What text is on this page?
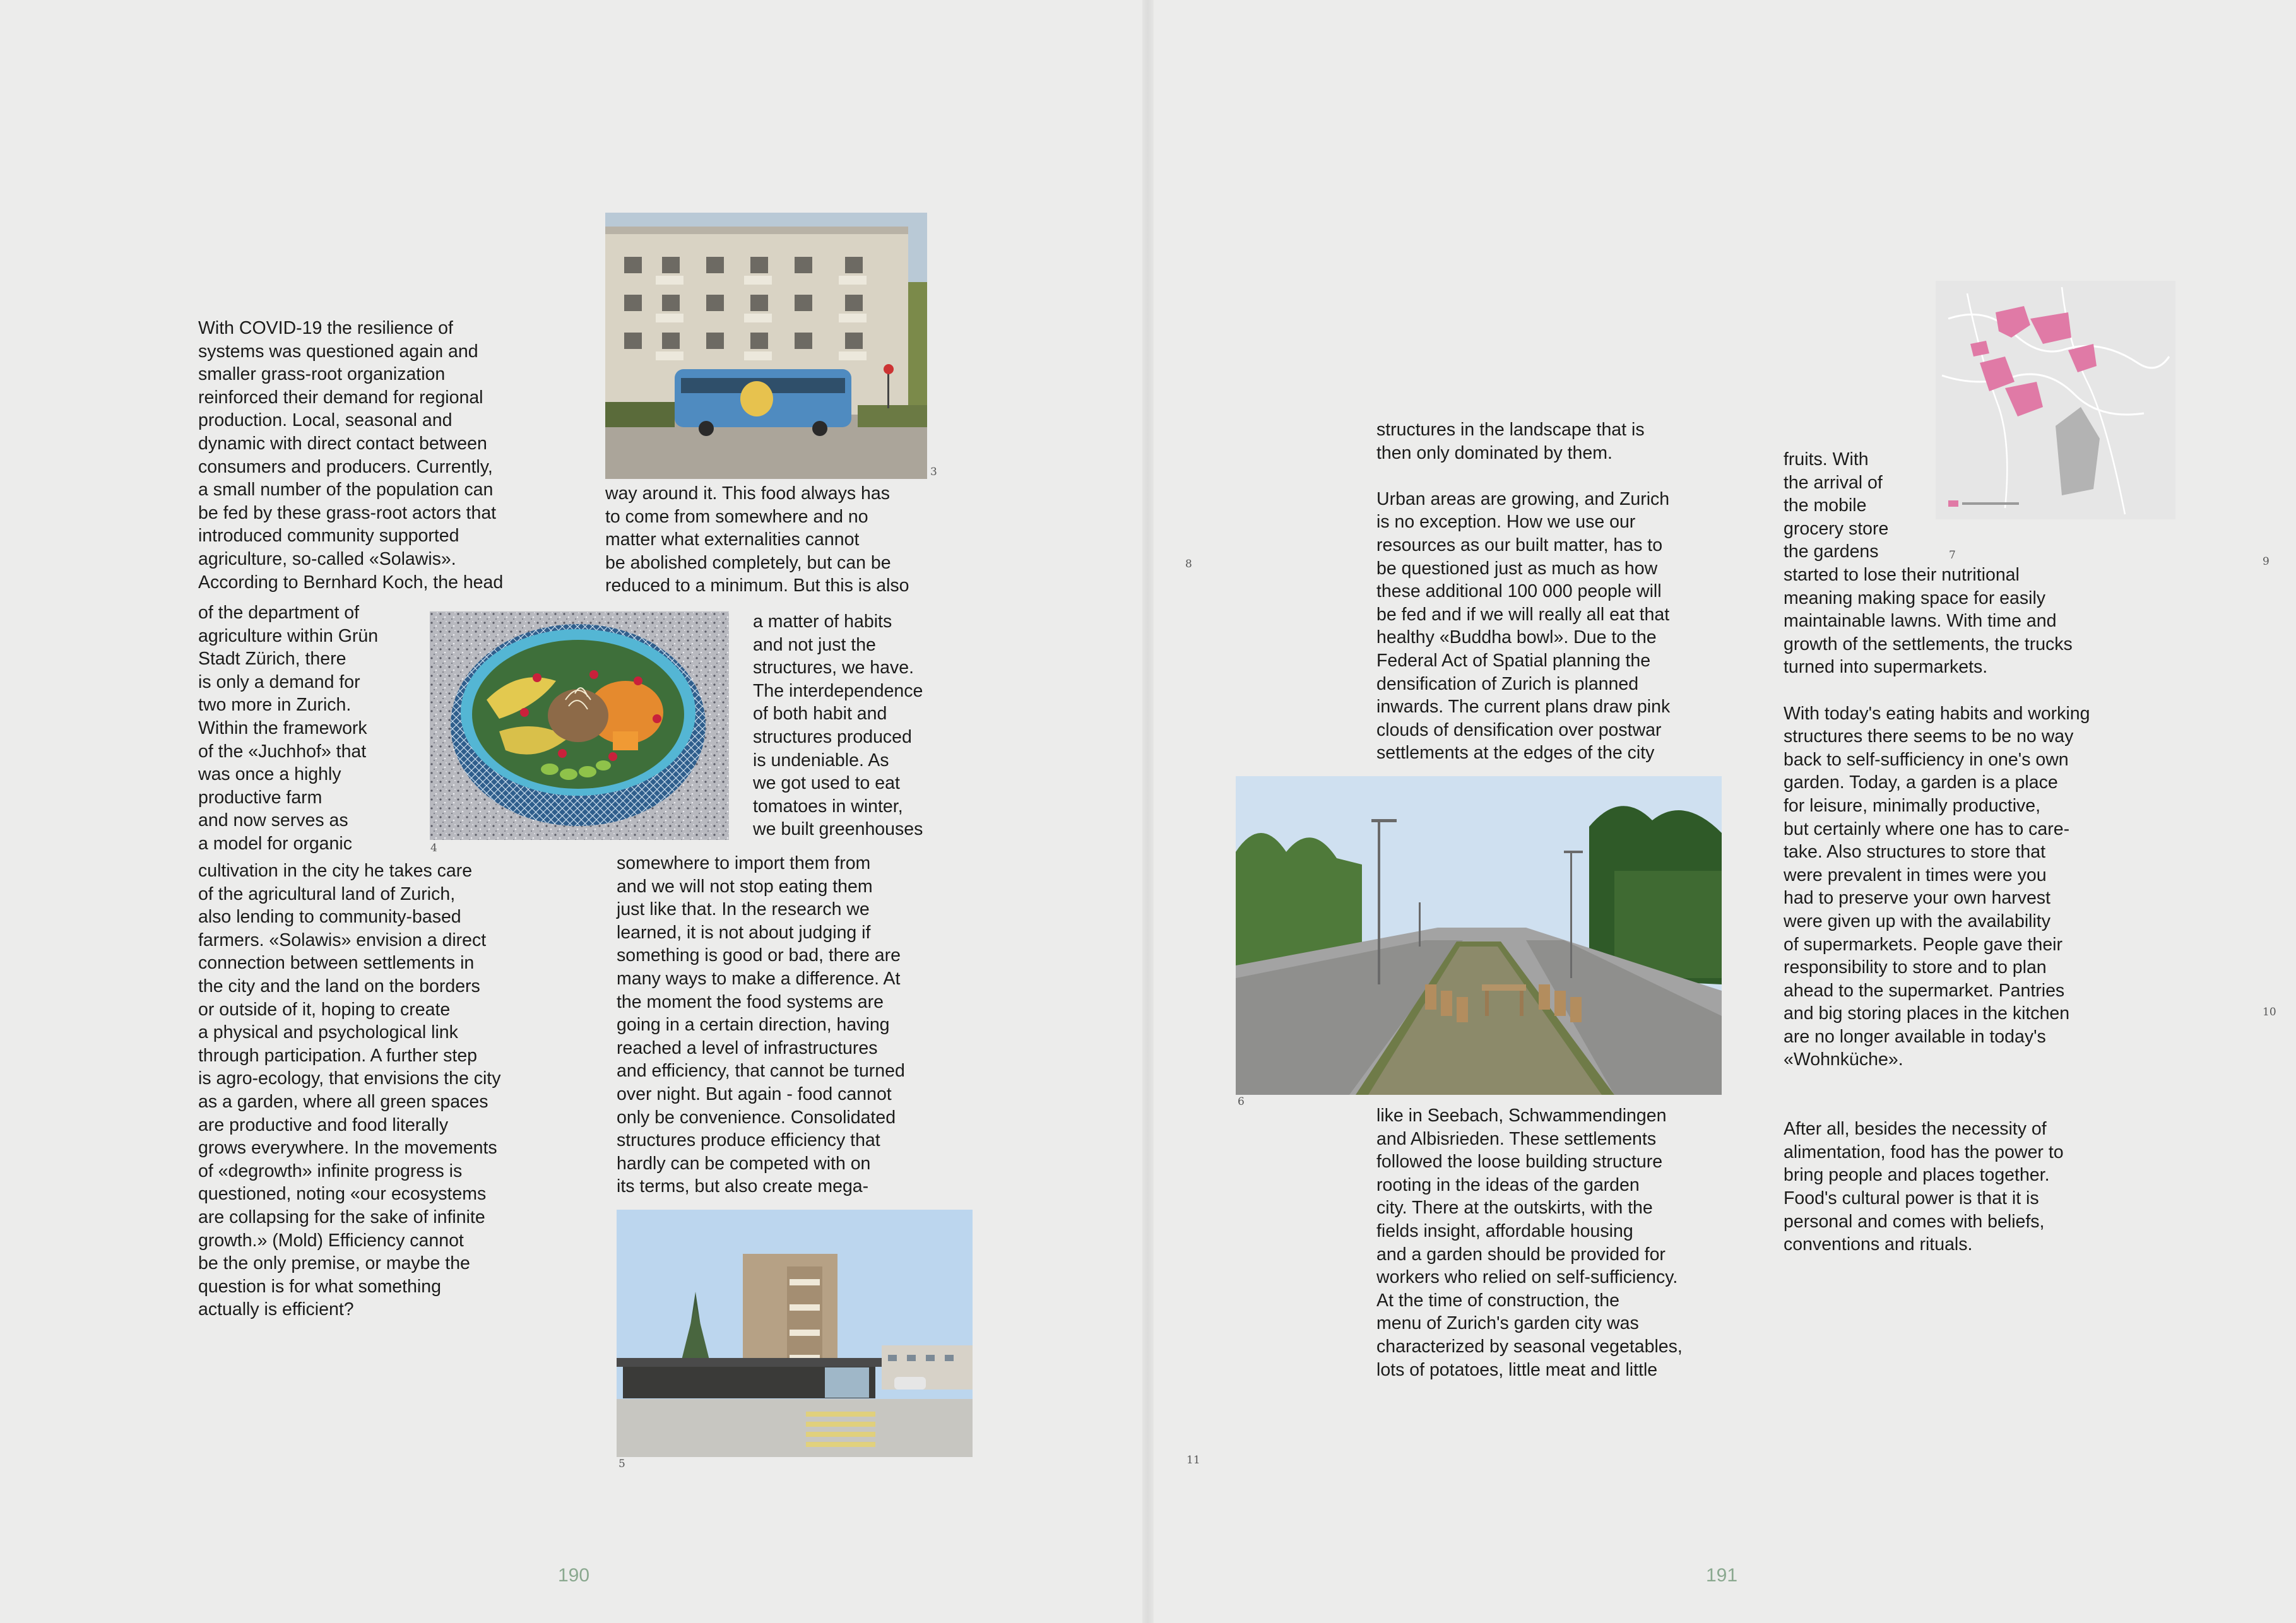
With COVID-19 the resilience of
systems was questioned again and
smaller grass-root organization
reinforced their demand for regional
production. Local, seasonal and
dynamic with direct contact between
consumers and producers. Currently,
a small number of the population can
be fed by these grass-root actors that
introduced community supported
agriculture, so-called «Solawis».
According to Bernhard Koch, the head

of the department of
agriculture within Grün
Stadt Zürich, there
is only a demand for
two more in Zurich.
Within the framework
of the «Juchhof» that
was once a highly
productive farm
and now serves as
a model for organic

cultivation in the city he takes care
of the agricultural land of Zurich,
also lending to community-based
farmers. «Solawis» envision a direct
connection between settlements in
the city and the land on the borders
or outside of it, hoping to create
a physical and psychological link
through participation. A further step
is agro-ecology, that envisions the city
as a garden, where all green spaces
are productive and food literally
grows everywhere. In the movements
of «degrowth» infinite progress is
questioned, noting «our ecosystems
are collapsing for the sake of infinite
growth.» (Mold) Efficiency cannot
be the only premise, or maybe the
question is for what something
actually is efficient?

way around it. This food always has
to come from somewhere and no
matter what externalities cannot
be abolished completely, but can be
reduced to a minimum. But this is also

a matter of habits
and not just the
structures, we have.
The interdependence
of both habit and
structures produced
is undeniable. As
we got used to eat
tomatoes in winter,
we built greenhouses

somewhere to import them from
and we will not stop eating them
just like that. In the research we
learned, it is not about judging if
something is good or bad, there are
many ways to make a difference. At
the moment the food systems are
going in a certain direction, having
reached a level of infrastructures
and efficiency, that cannot be turned
over night. But again - food cannot
only be convenience. Consolidated
structures produce efficiency that
hardly can be competed with on
its terms, but also create mega-

3
4
5
190

structures in the landscape that is
then only dominated by them.

Urban areas are growing, and Zurich
is no exception. How we use our
resources as our built matter, has to
be questioned just as much as how
these additional 100 000 people will
be fed and if we will really all eat that
healthy «Buddha bowl». Due to the
Federal Act of Spatial planning the
densification of Zurich is planned
inwards. The current plans draw pink
clouds of densification over postwar
settlements at the edges of the city

like in Seebach, Schwammendingen
and Albisrieden. These settlements
followed the loose building structure
rooting in the ideas of the garden
city. There at the outskirts, with the
fields insight, affordable housing
and a garden should be provided for
workers who relied on self-sufficiency.
At the time of construction, the
menu of Zurich's garden city was
characterized by seasonal vegetables,
lots of potatoes, little meat and little

fruits. With
the arrival of
the mobile
grocery store
the gardens

started to lose their nutritional
meaning making space for easily
maintainable lawns. With time and
growth of the settlements, the trucks
turned into supermarkets.

With today's eating habits and working
structures there seems to be no way
back to self-sufficiency in one's own
garden. Today, a garden is a place
for leisure, minimally productive,
but certainly where one has to care-
take. Also structures to store that
were prevalent in times were you
had to preserve your own harvest
were given up with the availability
of supermarkets. People gave their
responsibility to store and to plan
ahead to the supermarket. Pantries
and big storing places in the kitchen
are no longer available in today's
«Wohnküche».

After all, besides the necessity of
alimentation, food has the power to
bring people and places together.
Food's cultural power is that it is
personal and comes with beliefs,
conventions and rituals.

6
7
8	9
10
11
191
